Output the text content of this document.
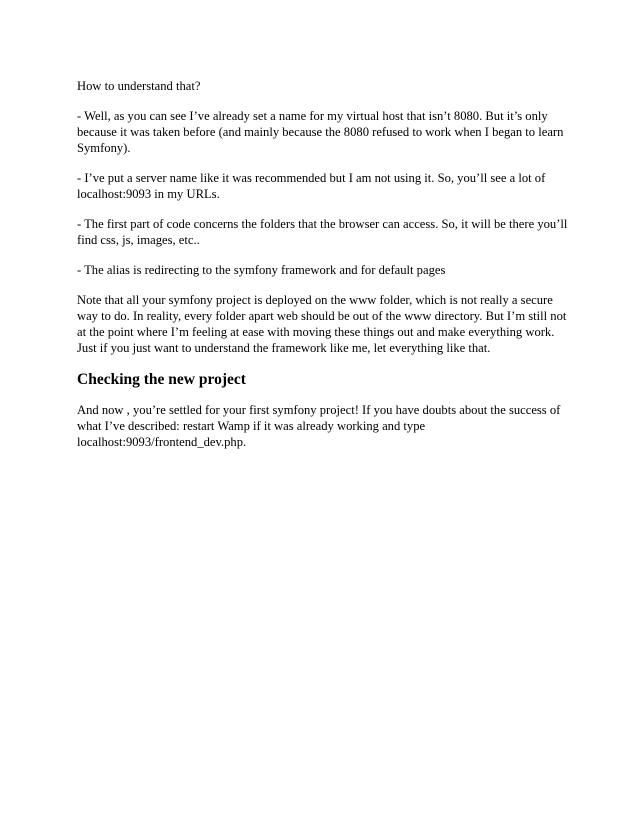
How to understand that?

- Well, as you can see I’ve already set a name for my virtual host that isn’t 8080. But it’s only because it was taken before (and mainly because the 8080 refused to work when I began to learn Symfony).

- I’ve put a server name like it was recommended but I am not using it. So, you’ll see a lot of localhost:9093 in my URLs.

- The first part of code concerns the folders that the browser can access. So, it will be there you’ll find css, js, images, etc..

- The alias is redirecting to the symfony framework and for default pages

Note that all your symfony project is deployed on the www folder, which is not really a secure way to do. In reality, every folder apart web should be out of the www directory. But I’m still not at the point where I’m feeling at ease with moving these things out and make everything work. Just if you just want to understand the framework like me, let everything like that.

Checking the new project

And now , you’re settled for your first symfony project! If you have doubts about the success of what I’ve described: restart Wamp if it was already working and type localhost:9093/frontend_dev.php.
